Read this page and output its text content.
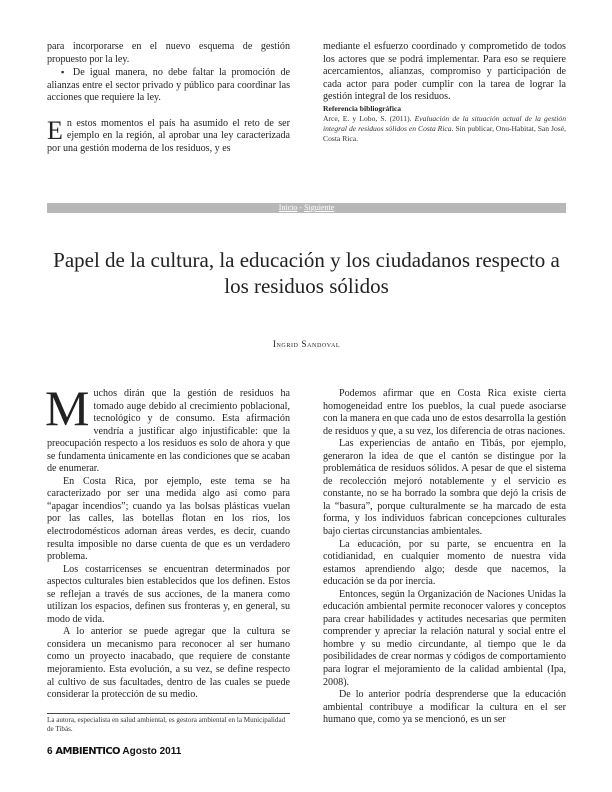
para incorporarse en el nuevo esquema de gestión propuesto por la ley.

▪ De igual manera, no debe faltar la promoción de alianzas entre el sector privado y público para coordinar las acciones que requiere la ley.

En estos momentos el país ha asumido el reto de ser ejemplo en la región, al aprobar una ley caracterizada por una gestión moderna de los residuos, y es

mediante el esfuerzo coordinado y comprometido de todos los actores que se podrá implementar. Para eso se requiere acercamientos, alianzas, compromiso y participación de cada actor para poder cumplir con la tarea de lograr la gestión integral de los residuos.

Referencia bibliográfica

Arce, E. y Lobo, S. (2011). Evaluación de la situación actual de la gestión integral de residuos sólidos en Costa Rica. Sin publicar, Onu-Habitat, San José, Costa Rica.

Inicio - Siguiente
Papel de la cultura, la educación y los ciudadanos respecto a los residuos sólidos
Ingrid Sandoval

Muchos dirán que la gestión de residuos ha tomado auge debido al crecimiento poblacional, tecnológico y de consumo. Esta afirmación vendría a justificar algo injustificable: que la preocupación respecto a los residuos es solo de ahora y que se fundamenta únicamente en las condiciones que se acaban de enumerar.

En Costa Rica, por ejemplo, este tema se ha caracterizado por ser una medida algo así como para “apagar incendios”; cuando ya las bolsas plásticas vuelan por las calles, las botellas flotan en los ríos, los electrodomésticos adornan áreas verdes, es decir, cuando resulta imposible no darse cuenta de que es un verdadero problema.

Los costarricenses se encuentran determinados por aspectos culturales bien establecidos que los definen. Estos se reflejan a través de sus acciones, de la manera como utilizan los espacios, definen sus fronteras y, en general, su modo de vida.

A lo anterior se puede agregar que la cultura se considera un mecanismo para reconocer al ser humano como un proyecto inacabado, que requiere de constante mejoramiento. Esta evolución, a su vez, se define respecto al cultivo de sus facultades, dentro de las cuales se puede considerar la protección de su medio.

Podemos afirmar que en Costa Rica existe cierta homogeneidad entre los pueblos, la cual puede asociarse con la manera en que cada uno de estos desarrolla la gestión de residuos y que, a su vez, los diferencia de otras naciones.

Las experiencias de antaño en Tibás, por ejemplo, generaron la idea de que el cantón se distingue por la problemática de residuos sólidos. A pesar de que el sistema de recolección mejoró notablemente y el servicio es constante, no se ha borrado la sombra que dejó la crisis de la “basura”, porque culturalmente se ha marcado de esta forma, y los individuos fabrican concepciones culturales bajo ciertas circunstancias ambientales.

La educación, por su parte, se encuentra en la cotidianidad, en cualquier momento de nuestra vida estamos aprendiendo algo; desde que nacemos, la educación se da por inercia.

Entonces, según la Organización de Naciones Unidas la educación ambiental permite reconocer valores y conceptos para crear habilidades y actitudes necesarias que permiten comprender y apreciar la relación natural y social entre el hombre y su medio circundante, al tiempo que le da posibilidades de crear normas y códigos de comportamiento para lograr el mejoramiento de la calidad ambiental (Ipa, 2008).

De lo anterior podría desprenderse que la educación ambiental contribuye a modificar la cultura en el ser humano que, como ya se mencionó, es un ser

La autora, especialista en salud ambiental, es gestora ambiental en la Municipalidad de Tibás.
6 AMBIENTICO Agosto 2011
